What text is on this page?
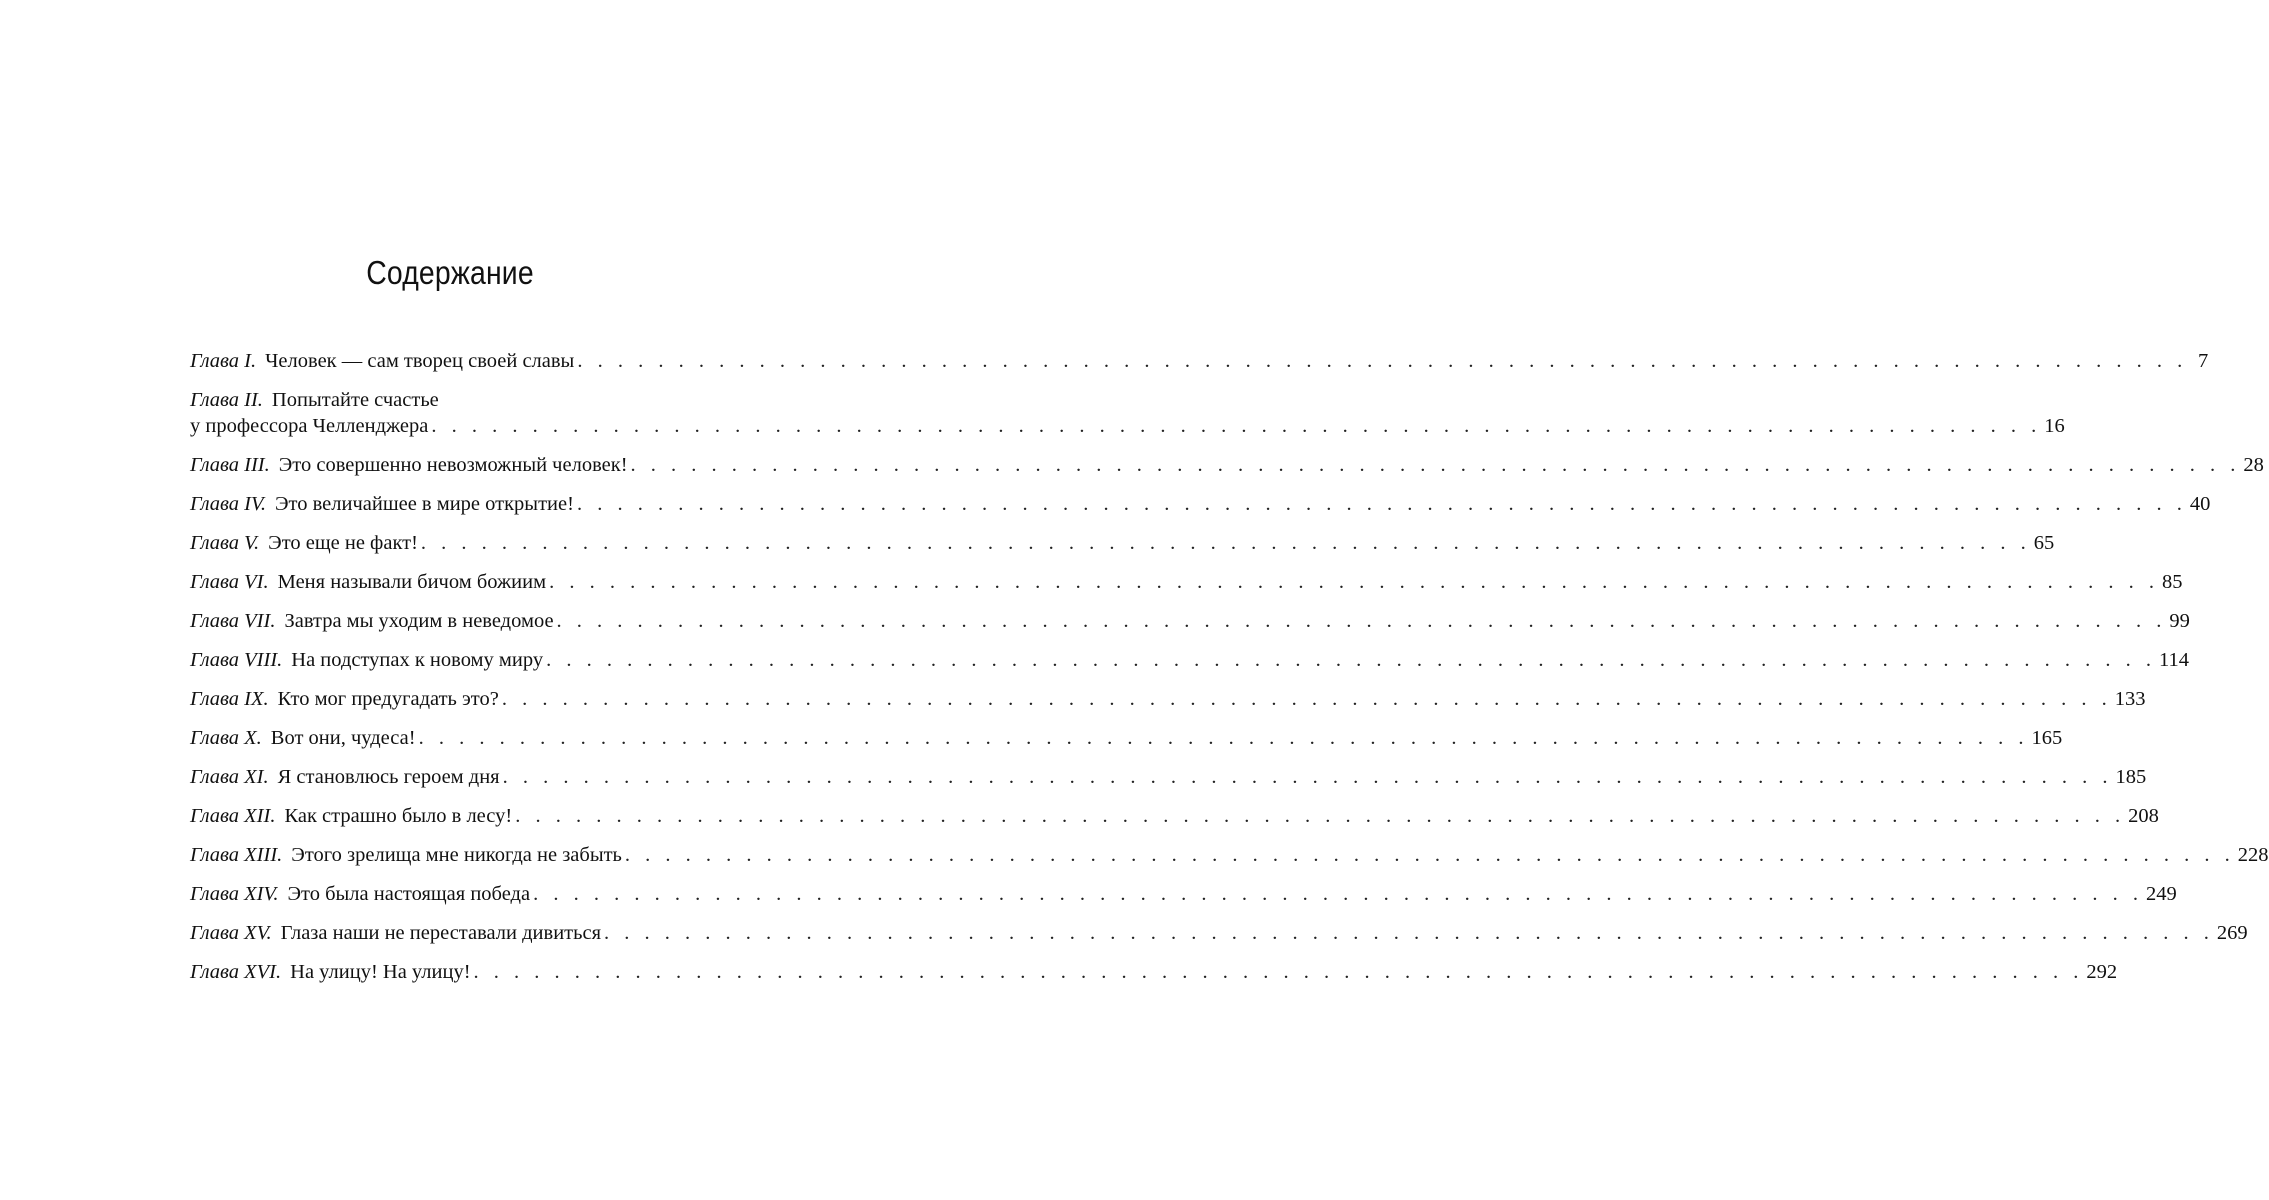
Содержание
Глава I. Человек — сам творец своей славы . . . . . . . . . . . . . . . . . . . . . . . . . . . . . . . . . . . . . . . . . . . . . . . . . . . . . . . . . . . . . . . . . . . . . . . . . . . . . . . . 7
Глава II. Попытайте счастье
у профессора Челленджера . . . . . . . . . . . . . . . . . . . . . . . . . . . . . . . . . . . . . . . . . . . . . . . . . . . . . . . . . . . . . . . . . . . . . . . . . . . . . . . . 16
Глава III. Это совершенно невозможный человек! . . . . . . . . . . . . . . . . . . . . . . . . . . . . . . . . . . . . . . . . . . . . . . . . . . . . . . . . . . . . . . . . . . . . . . . . . . . . . . . . 28
Глава IV. Это величайшее в мире открытие! . . . . . . . . . . . . . . . . . . . . . . . . . . . . . . . . . . . . . . . . . . . . . . . . . . . . . . . . . . . . . . . . . . . . . . . . . . . . . . . . 40
Глава V. Это еще не факт! . . . . . . . . . . . . . . . . . . . . . . . . . . . . . . . . . . . . . . . . . . . . . . . . . . . . . . . . . . . . . . . . . . . . . . . . . . . . . . . . 65
Глава VI. Меня называли бичом божиим . . . . . . . . . . . . . . . . . . . . . . . . . . . . . . . . . . . . . . . . . . . . . . . . . . . . . . . . . . . . . . . . . . . . . . . . . . . . . . . . 85
Глава VII. Завтра мы уходим в неведомое . . . . . . . . . . . . . . . . . . . . . . . . . . . . . . . . . . . . . . . . . . . . . . . . . . . . . . . . . . . . . . . . . . . . . . . . . . . . . . . . 99
Глава VIII. На подступах к новому миру . . . . . . . . . . . . . . . . . . . . . . . . . . . . . . . . . . . . . . . . . . . . . . . . . . . . . . . . . . . . . . . . . . . . . . . . . . . . . . . . 114
Глава IX. Кто мог предугадать это? . . . . . . . . . . . . . . . . . . . . . . . . . . . . . . . . . . . . . . . . . . . . . . . . . . . . . . . . . . . . . . . . . . . . . . . . . . . . . . . . 133
Глава X. Вот они, чудеса! . . . . . . . . . . . . . . . . . . . . . . . . . . . . . . . . . . . . . . . . . . . . . . . . . . . . . . . . . . . . . . . . . . . . . . . . . . . . . . . . 165
Глава XI. Я становлюсь героем дня . . . . . . . . . . . . . . . . . . . . . . . . . . . . . . . . . . . . . . . . . . . . . . . . . . . . . . . . . . . . . . . . . . . . . . . . . . . . . . . . 185
Глава XII. Как страшно было в лесу! . . . . . . . . . . . . . . . . . . . . . . . . . . . . . . . . . . . . . . . . . . . . . . . . . . . . . . . . . . . . . . . . . . . . . . . . . . . . . . . . 208
Глава XIII. Этого зрелища мне никогда не забыть . . . . . . . . . . . . . . . . . . . . . . . . . . . . . . . . . . . . . . . . . . . . . . . . . . . . . . . . . . . . . . . . . . . . . . . . . . . . . . . . 228
Глава XIV. Это была настоящая победа . . . . . . . . . . . . . . . . . . . . . . . . . . . . . . . . . . . . . . . . . . . . . . . . . . . . . . . . . . . . . . . . . . . . . . . . . . . . . . . . 249
Глава XV. Глаза наши не переставали дивиться . . . . . . . . . . . . . . . . . . . . . . . . . . . . . . . . . . . . . . . . . . . . . . . . . . . . . . . . . . . . . . . . . . . . . . . . . . . . . . . . 269
Глава XVI. На улицу! На улицу! . . . . . . . . . . . . . . . . . . . . . . . . . . . . . . . . . . . . . . . . . . . . . . . . . . . . . . . . . . . . . . . . . . . . . . . . . . . . . . . . 292
